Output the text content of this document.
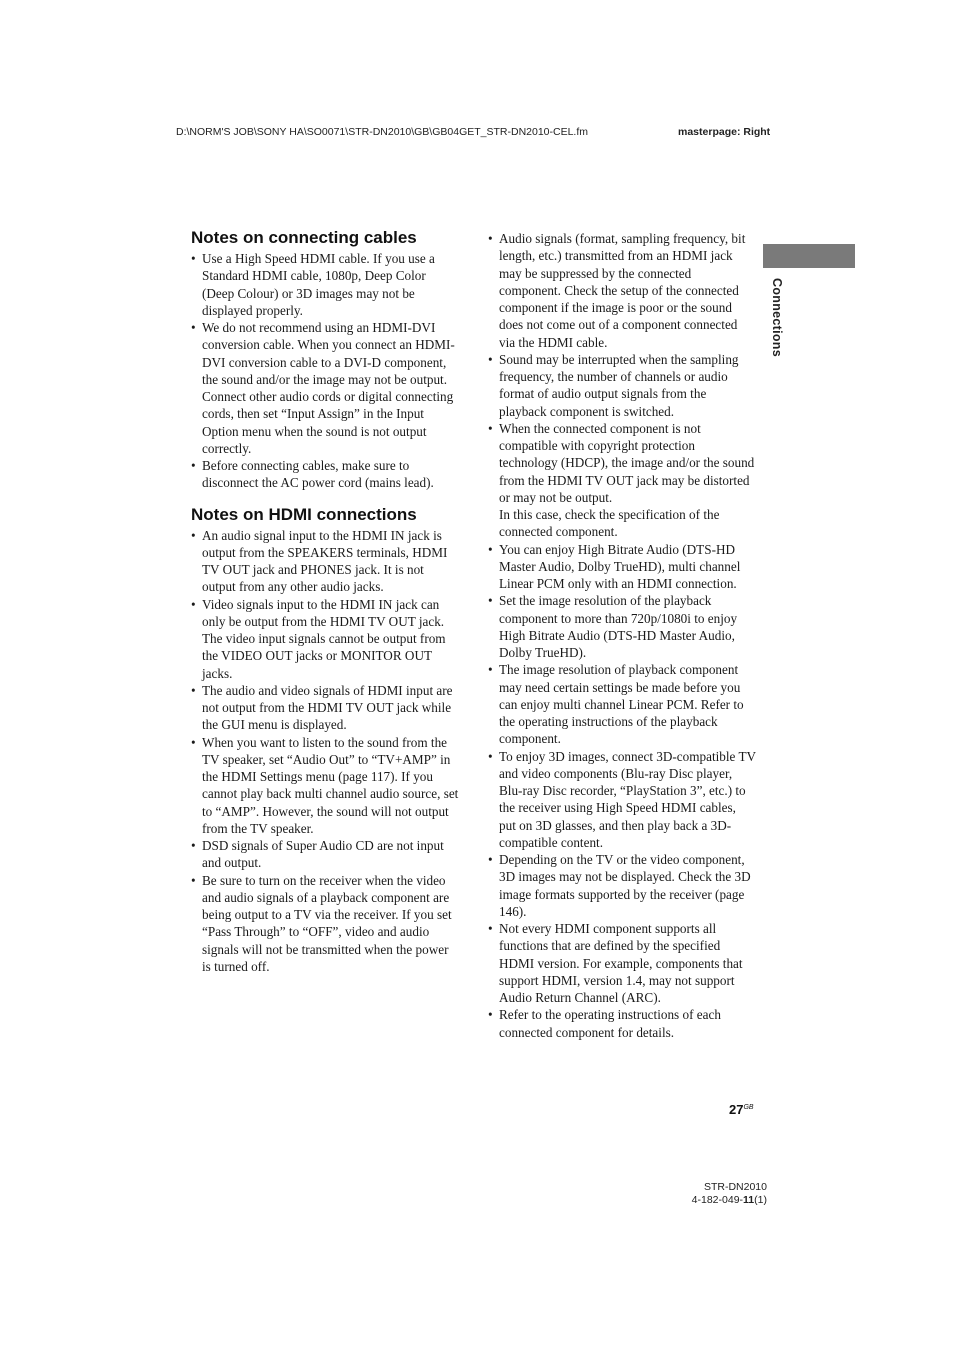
D:\NORM'S JOB\SONY HA\SO0071\STR-DN2010\GB\GB04GET_STR-DN2010-CEL.fm	masterpage: Right
Connections
Notes on connecting cables
• Use a High Speed HDMI cable. If you use a Standard HDMI cable, 1080p, Deep Color (Deep Colour) or 3D images may not be displayed properly.
• We do not recommend using an HDMI-DVI conversion cable. When you connect an HDMI-DVI conversion cable to a DVI-D component, the sound and/or the image may not be output. Connect other audio cords or digital connecting cords, then set “Input Assign” in the Input Option menu when the sound is not output correctly.
• Before connecting cables, make sure to disconnect the AC power cord (mains lead).
Notes on HDMI connections
• An audio signal input to the HDMI IN jack is output from the SPEAKERS terminals, HDMI TV OUT jack and PHONES jack. It is not output from any other audio jacks.
• Video signals input to the HDMI IN jack can only be output from the HDMI TV OUT jack. The video input signals cannot be output from the VIDEO OUT jacks or MONITOR OUT jacks.
• The audio and video signals of HDMI input are not output from the HDMI TV OUT jack while the GUI menu is displayed.
• When you want to listen to the sound from the TV speaker, set “Audio Out” to “TV+AMP” in the HDMI Settings menu (page 117). If you cannot play back multi channel audio source, set to “AMP”. However, the sound will not output from the TV speaker.
• DSD signals of Super Audio CD are not input and output.
• Be sure to turn on the receiver when the video and audio signals of a playback component are being output to a TV via the receiver. If you set “Pass Through” to “OFF”, video and audio signals will not be transmitted when the power is turned off.
• Audio signals (format, sampling frequency, bit length, etc.) transmitted from an HDMI jack may be suppressed by the connected component. Check the setup of the connected component if the image is poor or the sound does not come out of a component connected via the HDMI cable.
• Sound may be interrupted when the sampling frequency, the number of channels or audio format of audio output signals from the playback component is switched.
• When the connected component is not compatible with copyright protection technology (HDCP), the image and/or the sound from the HDMI TV OUT jack may be distorted or may not be output.
In this case, check the specification of the connected component.
• You can enjoy High Bitrate Audio (DTS-HD Master Audio, Dolby TrueHD), multi channel Linear PCM only with an HDMI connection.
• Set the image resolution of the playback component to more than 720p/1080i to enjoy High Bitrate Audio (DTS-HD Master Audio, Dolby TrueHD).
• The image resolution of playback component may need certain settings be made before you can enjoy multi channel Linear PCM. Refer to the operating instructions of the playback component.
• To enjoy 3D images, connect 3D-compatible TV and video components (Blu-ray Disc player, Blu-ray Disc recorder, “PlayStation 3”, etc.) to the receiver using High Speed HDMI cables, put on 3D glasses, and then play back a 3D-compatible content.
• Depending on the TV or the video component, 3D images may not be displayed. Check the 3D image formats supported by the receiver (page 146).
• Not every HDMI component supports all functions that are defined by the specified HDMI version. For example, components that support HDMI, version 1.4, may not support Audio Return Channel (ARC).
• Refer to the operating instructions of each connected component for details.
$27^{GB}$
STR-DN2010
4-182-049-11(1)
